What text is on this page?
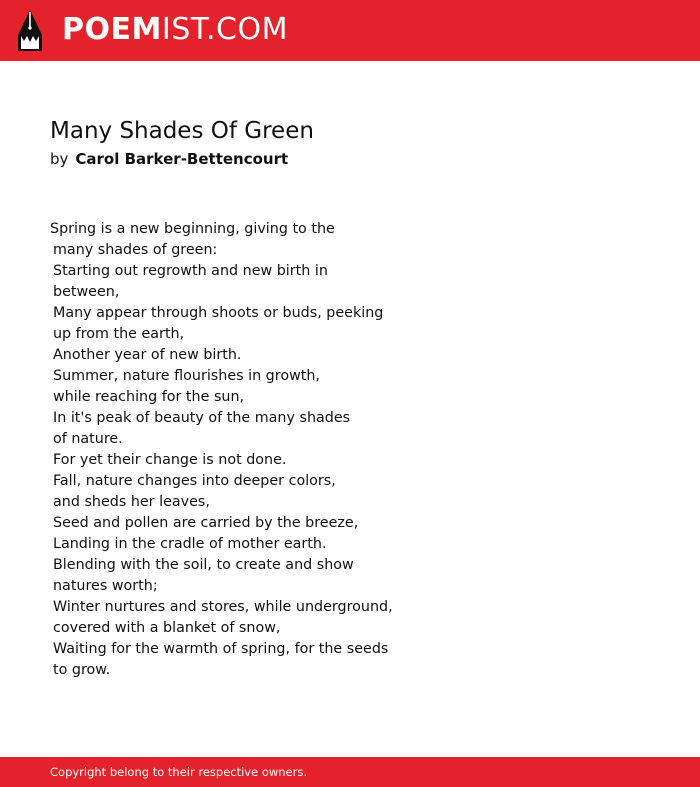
POEMIST.COM
Many Shades Of Green
by Carol Barker-Bettencourt
Spring is a new beginning, giving to the
many shades of green:
Starting out regrowth and new birth in
between,
Many appear through shoots or buds, peeking
up from the earth,
Another year of new birth.
Summer, nature flourishes in growth,
while reaching for the sun,
In it's peak of beauty of the many shades
of nature.
For yet their change is not done.
Fall, nature changes into deeper colors,
and sheds her leaves,
Seed and pollen are carried by the breeze,
Landing in the cradle of mother earth.
Blending with the soil, to create and show
natures worth;
Winter nurtures and stores, while underground,
covered with a blanket of snow,
Waiting for the warmth of spring, for the seeds
to grow.
Copyright belong to their respective owners.
